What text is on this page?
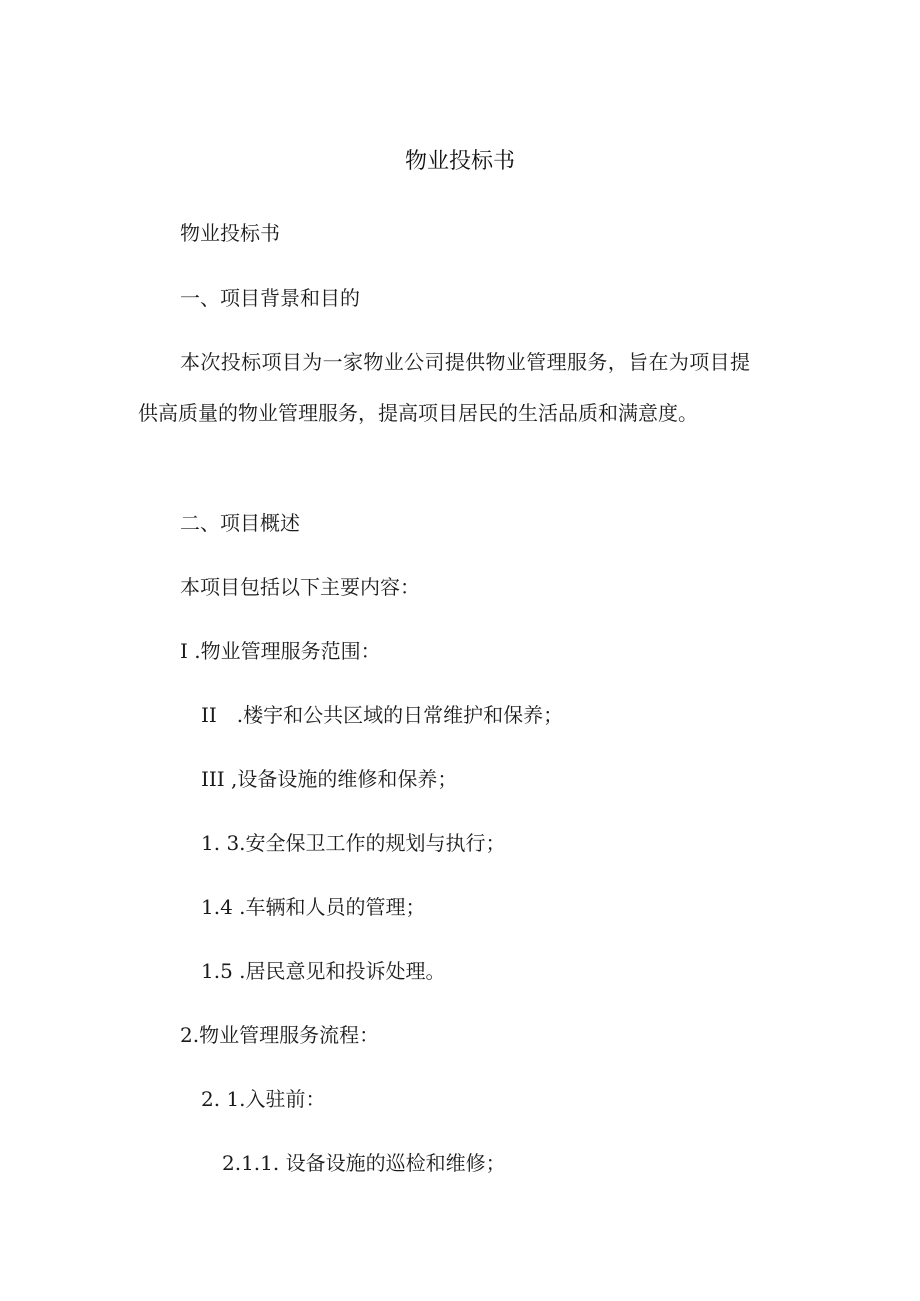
物业投标书
物业投标书
一、项目背景和目的
本次投标项目为一家物业公司提供物业管理服务，旨在为项目提供高质量的物业管理服务，提高项目居民的生活品质和满意度。
二、项目概述
本项目包括以下主要内容：
I .物业管理服务范围：
II　.楼宇和公共区域的日常维护和保养；
III ,设备设施的维修和保养；
1. 3.安全保卫工作的规划与执行；
1.4 .车辆和人员的管理；
1.5 .居民意见和投诉处理。
2.物业管理服务流程：
2. 1.入驻前：
2.1.1. 设备设施的巡检和维修；
